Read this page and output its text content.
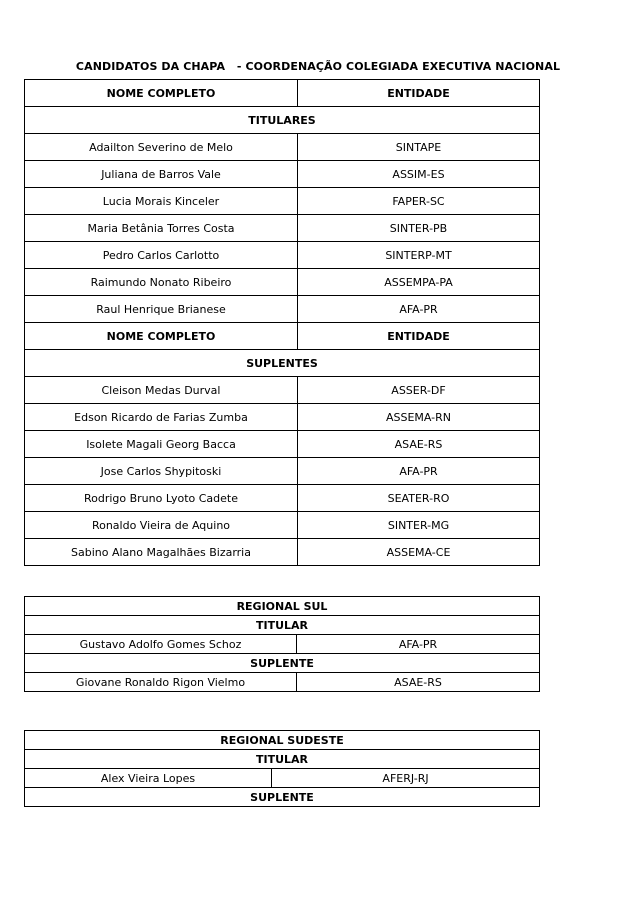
CANDIDATOS DA CHAPA   - COORDENAÇÃO COLEGIADA EXECUTIVA NACIONAL
NOME COMPLETO	ENTIDADE
TITULARES	
Adailton Severino de Melo	SINTAPE
Juliana de Barros Vale	ASSIM-ES
Lucia Morais Kinceler	FAPER-SC
Maria Betânia Torres Costa	SINTER-PB
Pedro Carlos Carlotto	SINTERP-MT
Raimundo Nonato Ribeiro	ASSEMPA-PA
Raul Henrique Brianese	AFA-PR
NOME COMPLETO	ENTIDADE
SUPLENTES	
Cleison Medas Durval	ASSER-DF
Edson Ricardo de Farias Zumba	ASSEMA-RN
Isolete Magali Georg Bacca	ASAE-RS
Jose Carlos Shypitoski	AFA-PR
Rodrigo Bruno Lyoto Cadete	SEATER-RO
Ronaldo Vieira de Aquino	SINTER-MG
Sabino Alano Magalhães Bizarria	ASSEMA-CE
REGIONAL SUL	
TITULAR	
Gustavo Adolfo Gomes Schoz	AFA-PR
SUPLENTE	
Giovane Ronaldo Rigon Vielmo	ASAE-RS
REGIONAL SUDESTE
TITULAR
Alex Vieira Lopes	AFERJ-RJ
SUPLENTE
